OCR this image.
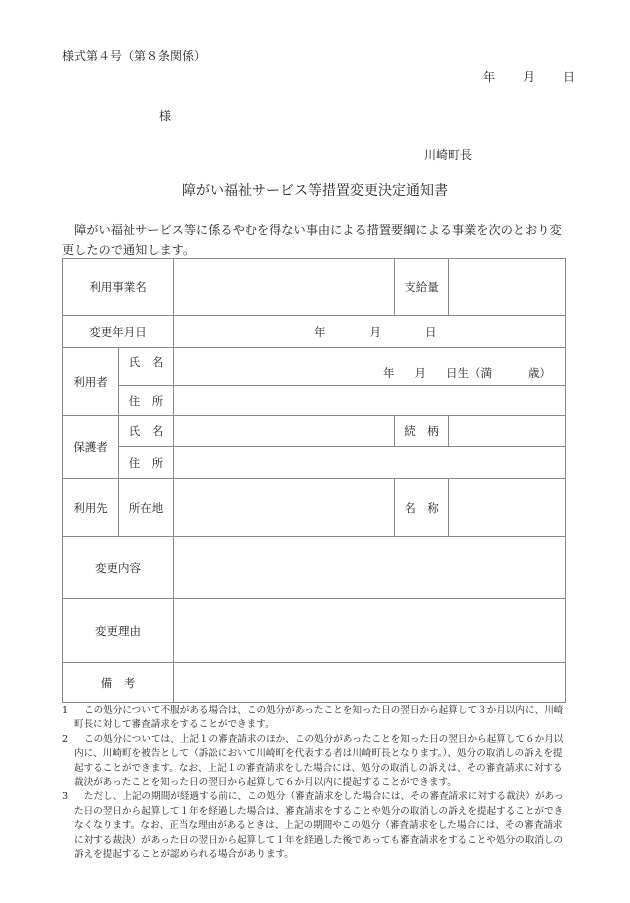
様式第４号（第８条関係）
年 月 日
様
川崎町長
障がい福祉サービス等措置変更決定通知書
障がい福祉サービス等に係るやむを得ない事由による措置要綱による事業を次のとおり変更したので通知します。
利用事業名			支給量	
変更年月日		年 月 日		
利用者	氏　名	年 月 日生（満 歳）		
	住　所			
保護者	氏　名		続　柄	
	住　所			
利用先	所在地		名　称	
変更内容				
変更理由				
備　考				
1 この処分について不服がある場合は、この処分があったことを知った日の翌日から起算して３か月以内に、川崎町長に対して審査請求をすることができます。
2 この処分については、上記１の審査請求のほか、この処分があったことを知った日の翌日から起算して６か月以内に、川崎町を被告として（訴訟において川崎町を代表する者は川崎町長となります。）、処分の取消しの訴えを提起することができます。なお、上記１の審査請求をした場合には、処分の取消しの訴えは、その審査請求に対する裁決があったことを知った日の翌日から起算して６か月以内に提起することができます。
3 ただし、上記の期間が経過する前に、この処分（審査請求をした場合には、その審査請求に対する裁決）があった日の翌日から起算して１年を経過した場合は、審査請求をすることや処分の取消しの訴えを提起することができなくなります。なお、正当な理由があるときは、上記の期間やこの処分（審査請求をした場合には、その審査請求に対する裁決）があった日の翌日から起算して１年を経過した後であっても審査請求をすることや処分の取消しの訴えを提起することが認められる場合があります。
